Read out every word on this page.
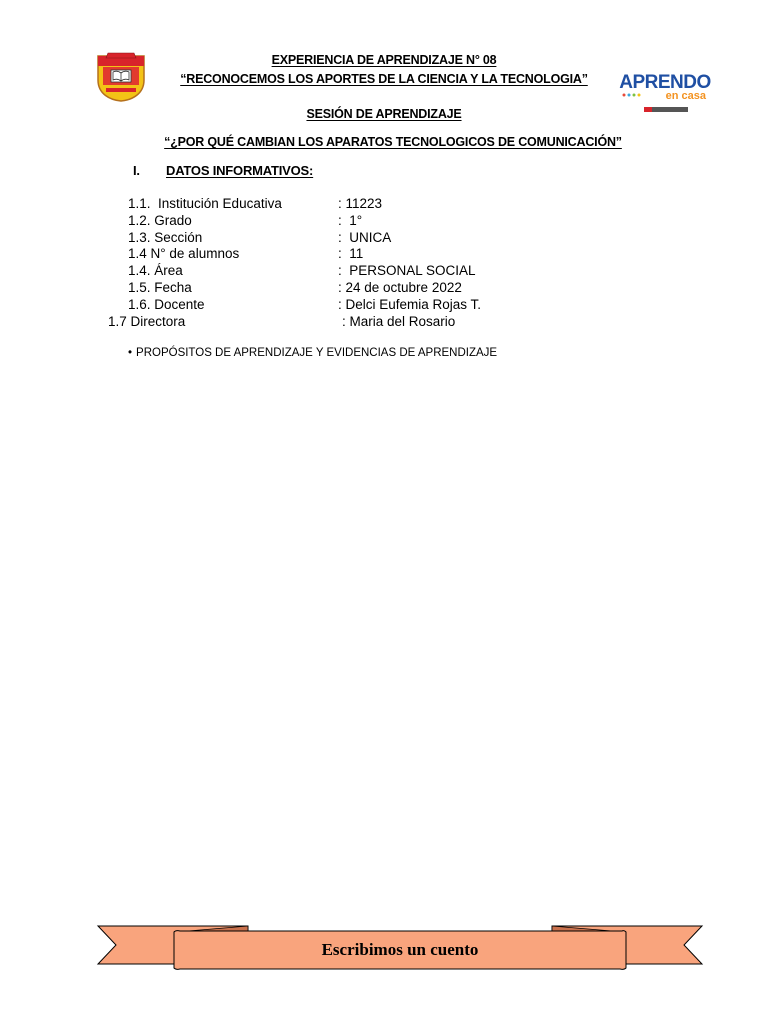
APRENDO
en casa
EXPERIENCIA DE APRENDIZAJE N° 08
“RECONOCEMOS LOS APORTES DE LA CIENCIA Y LA TECNOLOGIA”
SESIÓN DE APRENDIZAJE
“¿POR QUÉ CAMBIAN LOS APARATOS TECNOLOGICOS DE COMUNICACIÓN”
I. DATOS INFORMATIVOS:
1.1.  Institución Educativa
1.2. Grado
1.3. Sección
1.4 N° de alumnos
1.4. Área
1.5. Fecha
1.6. Docente
1.7 Directora
: 11223
:  1°
:  UNICA
:  11
:  PERSONAL SOCIAL
: 24 de octubre 2022
: Delci Eufemia Rojas T.
: Maria del Rosario
• PROPÓSITOS DE APRENDIZAJE Y EVIDENCIAS DE APRENDIZAJE
Escribimos un cuento
